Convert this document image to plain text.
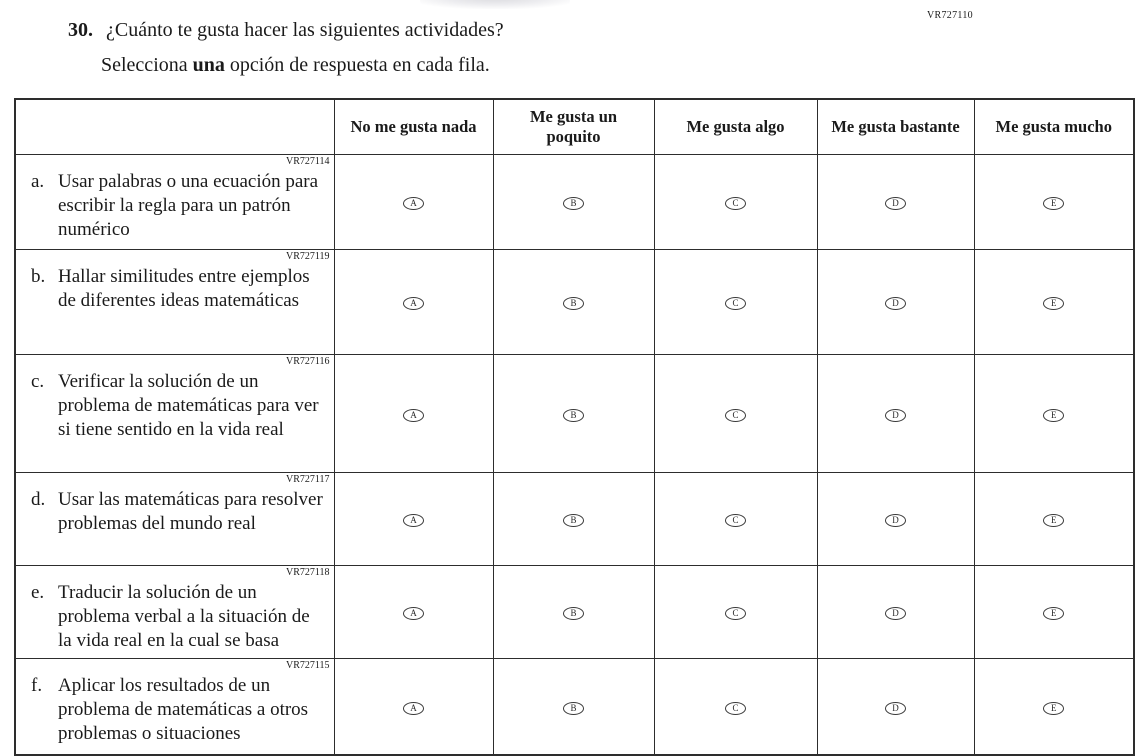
VR727110
30. ¿Cuánto te gusta hacer las siguientes actividades?
Selecciona una opción de respuesta en cada fila.
	No me gusta nada	Me gusta un poquito	Me gusta algo	Me gusta bastante	Me gusta mucho

VR727114
a. Usar palabras o una ecuación para escribir la regla para un patrón numérico	A	B	C	D	E

VR727119
b. Hallar similitudes entre ejemplos de diferentes ideas matemáticas	A	B	C	D	E

VR727116
c. Verificar la solución de un problema de matemáticas para ver si tiene sentido en la vida real	A	B	C	D	E

VR727117
d. Usar las matemáticas para resolver problemas del mundo real	A	B	C	D	E

VR727118
e. Traducir la solución de un problema verbal a la situación de la vida real en la cual se basa	A	B	C	D	E

VR727115
f. Aplicar los resultados de un problema de matemáticas a otros problemas o situaciones	A	B	C	D	E
